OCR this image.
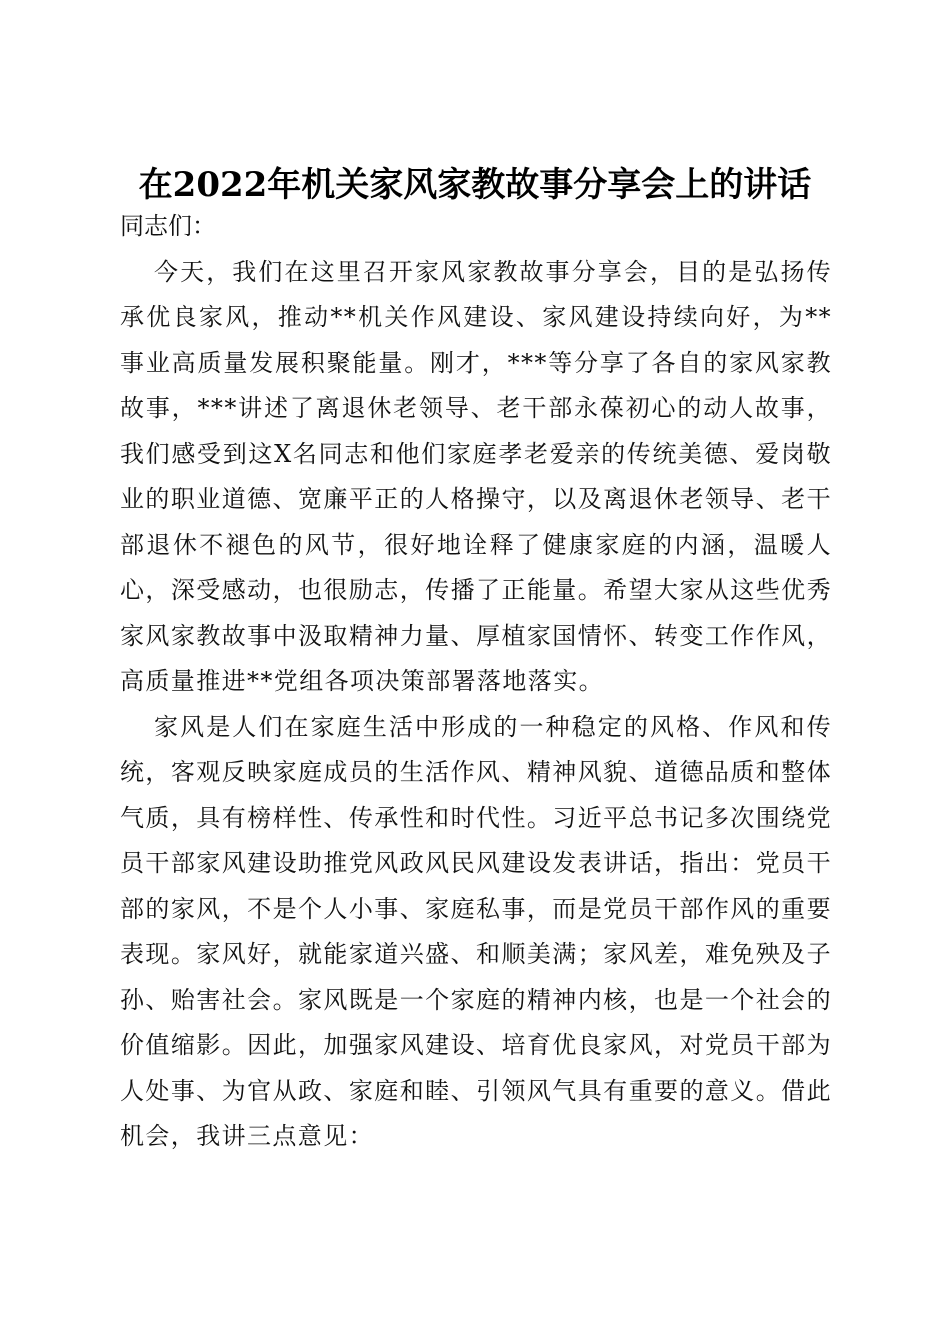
在2022年机关家风家教故事分享会上的讲话

同志们：

今天，我们在这里召开家风家教故事分享会，目的是弘扬传承优良家风，推动**机关作风建设、家风建设持续向好，为**事业高质量发展积聚能量。刚才，***等分享了各自的家风家教故事，***讲述了离退休老领导、老干部永葆初心的动人故事，我们感受到这X名同志和他们家庭孝老爱亲的传统美德、爱岗敬业的职业道德、宽廉平正的人格操守，以及离退休老领导、老干部退休不褪色的风节，很好地诠释了健康家庭的内涵，温暖人心，深受感动，也很励志，传播了正能量。希望大家从这些优秀家风家教故事中汲取精神力量、厚植家国情怀、转变工作作风，高质量推进**党组各项决策部署落地落实。

家风是人们在家庭生活中形成的一种稳定的风格、作风和传统，客观反映家庭成员的生活作风、精神风貌、道德品质和整体气质，具有榜样性、传承性和时代性。习近平总书记多次围绕党员干部家风建设助推党风政风民风建设发表讲话，指出：党员干部的家风，不是个人小事、家庭私事，而是党员干部作风的重要表现。家风好，就能家道兴盛、和顺美满；家风差，难免殃及子孙、贻害社会。家风既是一个家庭的精神内核，也是一个社会的价值缩影。因此，加强家风建设、培育优良家风，对党员干部为人处事、为官从政、家庭和睦、引领风气具有重要的意义。借此机会，我讲三点意见：
